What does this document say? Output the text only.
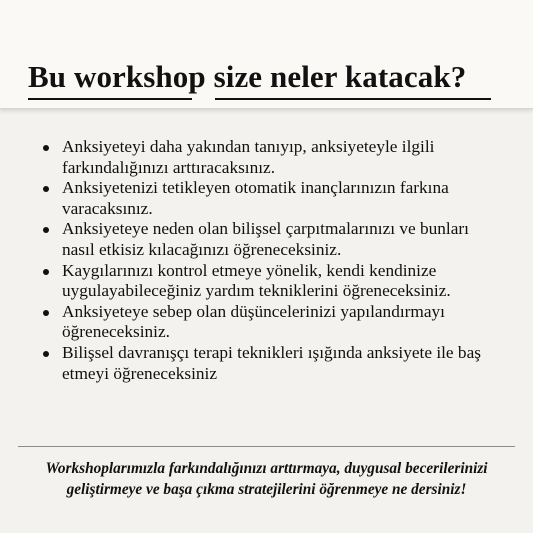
Bu workshop size neler katacak?
Anksiyeteyi daha yakından tanıyıp, anksiyeteyle ilgili farkındalığınızı arttıracaksınız.
Anksiyetenizi tetikleyen otomatik inançlarınızın farkına varacaksınız.
Anksiyeteye neden olan bilişsel çarpıtmalarınızı ve bunları nasıl etkisiz kılacağınızı öğreneceksiniz.
Kaygılarınızı kontrol etmeye yönelik, kendi kendinize uygulayabileceğiniz yardım tekniklerini öğreneceksiniz.
Anksiyeteye sebep olan düşüncelerinizi yapılandırmayı öğreneceksiniz.
Bilişsel davranışçı terapi teknikleri ışığında anksiyete ile baş etmeyi öğreneceksiniz

Workshoplarımızla farkındalığınızı arttırmaya, duygusal becerilerinizi geliştirmeye ve başa çıkma stratejilerini öğrenmeye ne dersiniz!
